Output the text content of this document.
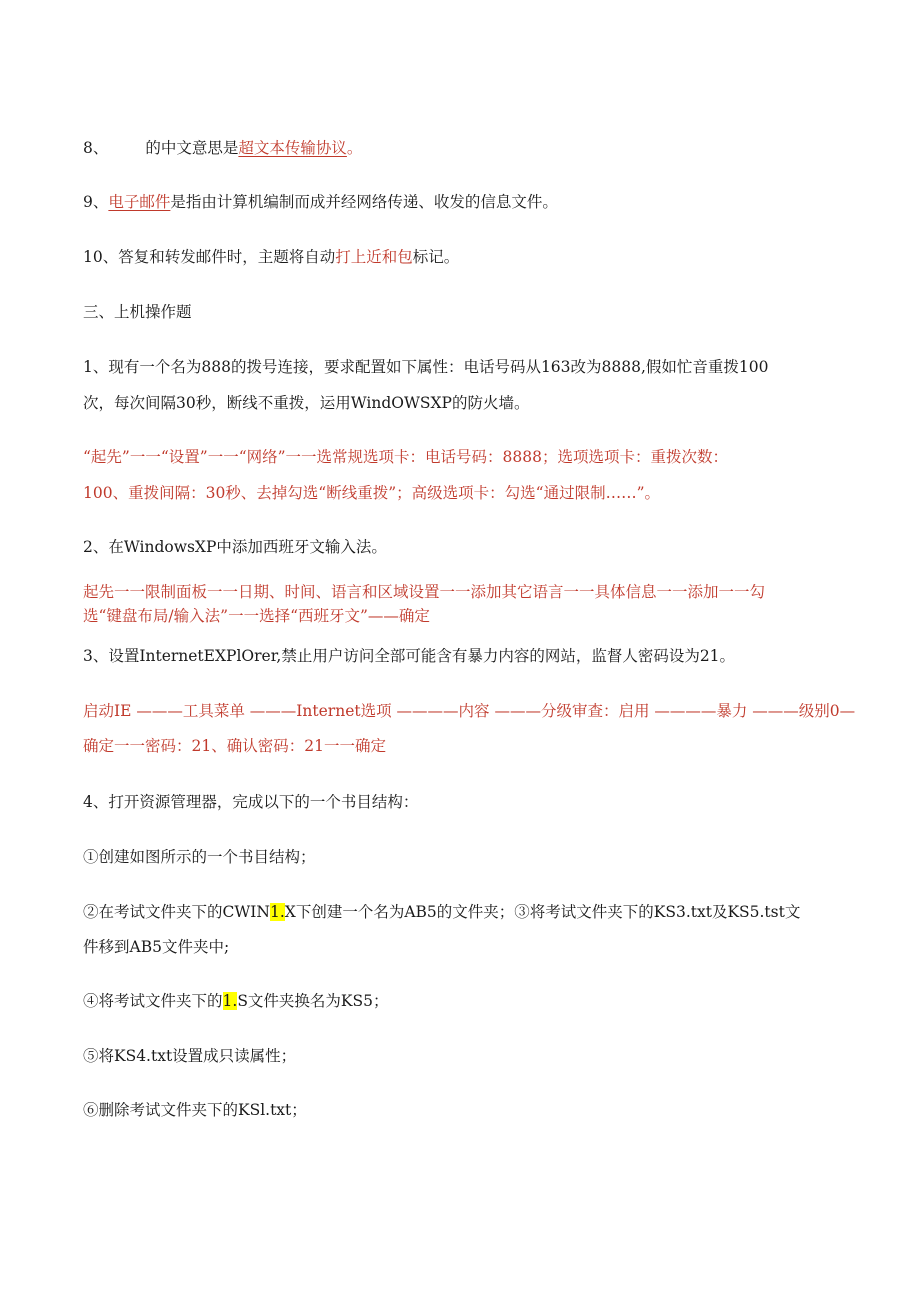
8、 的中文意思是超文本传输协议。
9、电子邮件是指由计算机编制而成并经网络传递、收发的信息文件。
10、答复和转发邮件时，主题将自动打上近和包标记。
三、上机操作题
1、现有一个名为888的拨号连接，要求配置如下属性：电话号码从163改为8888,假如忙音重拨100
次，每次间隔30秒，断线不重拨，运用WindOWSXP的防火墙。
“起先”一一“设置”一一“网络”一一选常规选项卡：电话号码：8888；选项选项卡：重拨次数：
100、重拨间隔：30秒、去掉勾选“断线重拨”；高级选项卡：勾选“通过限制……”。
2、在WindowsXP中添加西班牙文输入法。
起先一一限制面板一一日期、时间、语言和区域设置一一添加其它语言一一具体信息一一添加一一勾
选“键盘布局/输入法”一一选择“西班牙文”——确定
3、设置InternetEXPlOrer,禁止用户访问全部可能含有暴力内容的网站，监督人密码设为21。
启动IE ———工具菜单 ———Internet选项 ————内容 ———分级审查：启用 ————暴力 ———级别0—
确定一一密码：21、确认密码：21一一确定
4、打开资源管理器，完成以下的一个书目结构：
①创建如图所示的一个书目结构；
②在考试文件夹下的CWIN1.X下创建一个名为AB5的文件夹；③将考试文件夹下的KS3.txt及KS5.tst文
件移到AB5文件夹中;
④将考试文件夹下的1.S文件夹换名为KS5；
⑤将KS4.txt设置成只读属性；
⑥删除考试文件夹下的KSl.txt；
